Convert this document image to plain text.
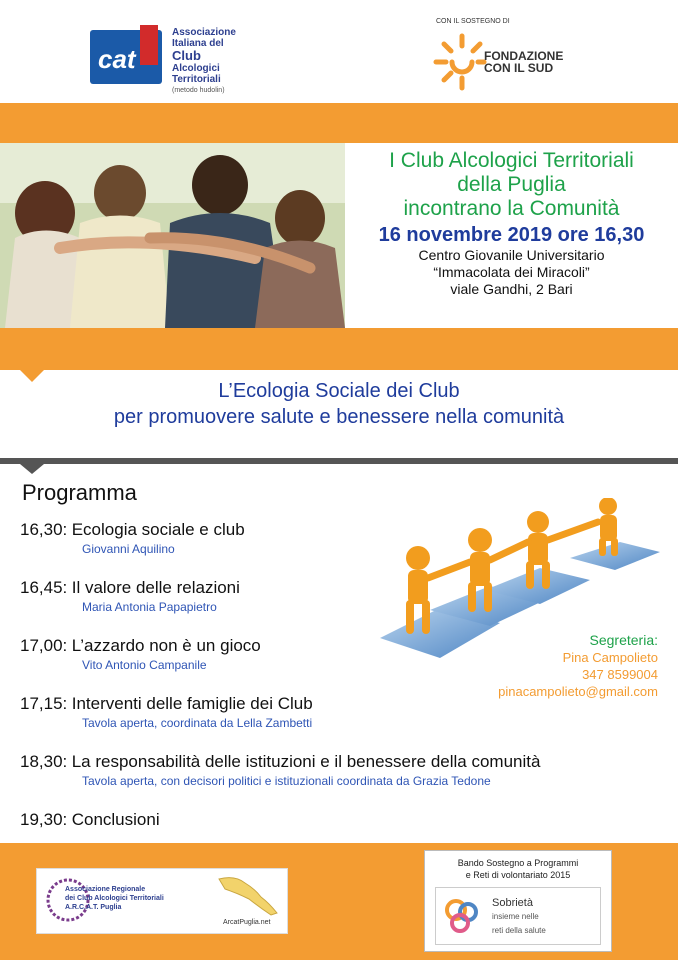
cat
Associazione
Italiana del
Club
Alcologici
Territoriali
(metodo hudolin)
CON IL SOSTEGNO DI
FONDAZIONE
CON IL SUD
I Club Alcologici Territoriali
della Puglia
incontrano la Comunità
16 novembre 2019 ore 16,30
Centro Giovanile Universitario
“Immacolata dei Miracoli”
viale Gandhi, 2 Bari
L’Ecologia Sociale dei Club
per promuovere salute e benessere nella comunità
Programma
16,30: Ecologia sociale e club
Giovanni Aquilino
16,45: Il valore delle relazioni
Maria Antonia Papapietro
17,00: L’azzardo non è un gioco
Vito Antonio Campanile
17,15: Interventi delle famiglie dei Club
Tavola aperta, coordinata da Lella Zambetti
18,30: La responsabilità delle istituzioni e il benessere della comunità
Tavola aperta, con decisori politici e istituzionali coordinata da Grazia Tedone
19,30: Conclusioni
Segreteria:
Pina Campolieto
347 8599004
pinacampolieto@gmail.com
Associazione Regionale
dei Club Alcologici Territoriali
A.R.C.A.T. Puglia
ArcatPuglia.net
Bando Sostegno a Programmi
e Reti di volontariato 2015
Sobrietà
insieme nelle
reti della salute
